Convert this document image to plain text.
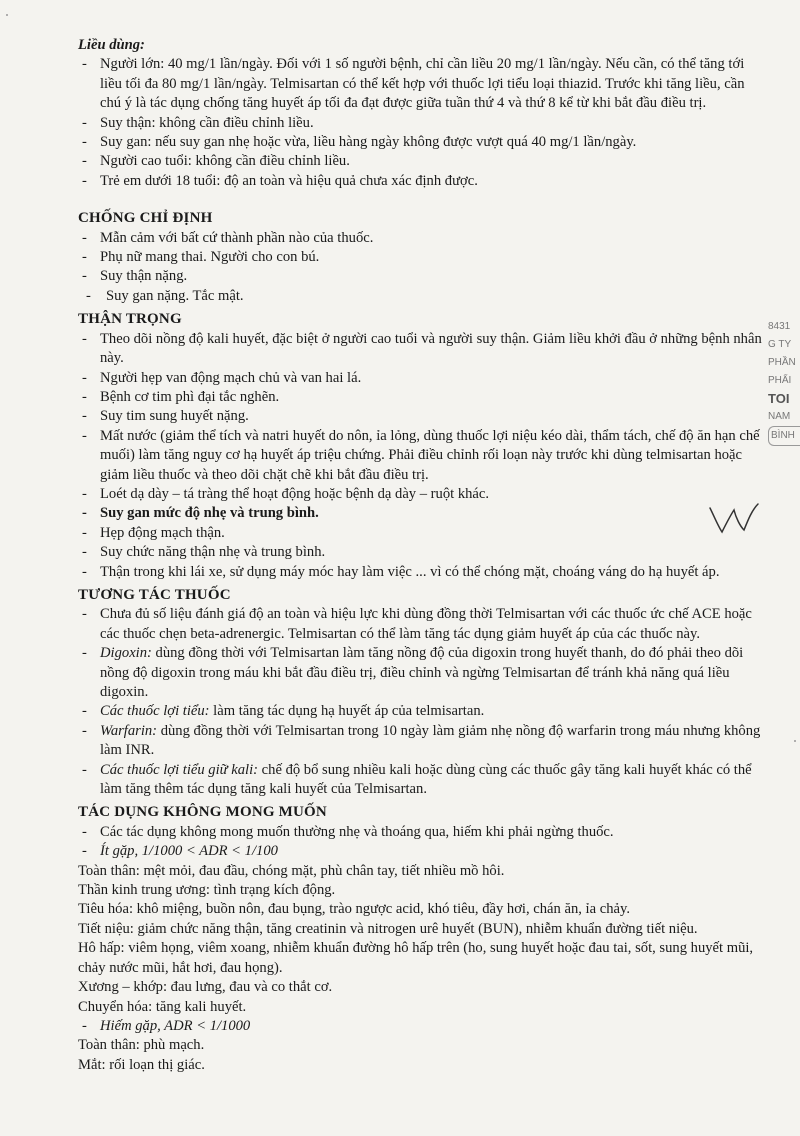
Liều dùng:
- Người lớn: 40 mg/1 lần/ngày. Đối với 1 số người bệnh, chỉ cần liều 20 mg/1 lần/ngày. Nếu cần, có thể tăng tới liều tối đa 80 mg/1 lần/ngày. Telmisartan có thể kết hợp với thuốc lợi tiểu loại thiazid. Trước khi tăng liều, cần chú ý là tác dụng chống tăng huyết áp tối đa đạt được giữa tuần thứ 4 và thứ 8 kể từ khi bắt đầu điều trị.
- Suy thận: không cần điều chỉnh liều.
- Suy gan: nếu suy gan nhẹ hoặc vừa, liều hàng ngày không được vượt quá 40 mg/1 lần/ngày.
- Người cao tuổi: không cần điều chỉnh liều.
- Trẻ em dưới 18 tuổi: độ an toàn và hiệu quả chưa xác định được.
CHỐNG CHỈ ĐỊNH
- Mẫn cảm với bất cứ thành phần nào của thuốc.
- Phụ nữ mang thai. Người cho con bú.
- Suy thận nặng.
- Suy gan nặng. Tắc mật.
THẬN TRỌNG
- Theo dõi nồng độ kali huyết, đặc biệt ở người cao tuổi và người suy thận. Giảm liều khởi đầu ở những bệnh nhân này.
- Người hẹp van động mạch chủ và van hai lá.
- Bệnh cơ tim phì đại tắc nghẽn.
- Suy tim sung huyết nặng.
- Mất nước (giảm thể tích và natri huyết do nôn, ỉa lỏng, dùng thuốc lợi niệu kéo dài, thẩm tách, chế độ ăn hạn chế muối) làm tăng nguy cơ hạ huyết áp triệu chứng. Phải điều chỉnh rối loạn này trước khi dùng telmisartan hoặc giảm liều thuốc và theo dõi chặt chẽ khi bắt đầu điều trị.
- Loét dạ dày – tá tràng thể hoạt động hoặc bệnh dạ dày – ruột khác.
- Suy gan mức độ nhẹ và trung bình.
- Hẹp động mạch thận.
- Suy chức năng thận nhẹ và trung bình.
- Thận trong khi lái xe, sử dụng máy móc hay làm việc ... vì có thể chóng mặt, choáng váng do hạ huyết áp.
TƯƠNG TÁC THUỐC
- Chưa đủ số liệu đánh giá độ an toàn và hiệu lực khi dùng đồng thời Telmisartan với các thuốc ức chế ACE hoặc các thuốc chẹn beta-adrenergic. Telmisartan có thể làm tăng tác dụng giảm huyết áp của các thuốc này.
- Digoxin: dùng đồng thời với Telmisartan làm tăng nồng độ của digoxin trong huyết thanh, do đó phải theo dõi nồng độ digoxin trong máu khi bắt đầu điều trị, điều chỉnh và ngừng Telmisartan để tránh khả năng quá liều digoxin.
- Các thuốc lợi tiểu: làm tăng tác dụng hạ huyết áp của telmisartan.
- Warfarin: dùng đồng thời với Telmisartan trong 10 ngày làm giảm nhẹ nồng độ warfarin trong máu nhưng không làm INR.
- Các thuốc lợi tiểu giữ kali: chế độ bổ sung nhiều kali hoặc dùng cùng các thuốc gây tăng kali huyết khác có thể làm tăng thêm tác dụng tăng kali huyết của Telmisartan.
TÁC DỤNG KHÔNG MONG MUỐN
- Các tác dụng không mong muốn thường nhẹ và thoáng qua, hiếm khi phải ngừng thuốc.
- Ít gặp, 1/1000 < ADR < 1/100
Toàn thân: mệt mỏi, đau đầu, chóng mặt, phù chân tay, tiết nhiều mồ hôi.
Thần kinh trung ương: tình trạng kích động.
Tiêu hóa: khô miệng, buồn nôn, đau bụng, trào ngược acid, khó tiêu, đầy hơi, chán ăn, ỉa chảy.
Tiết niệu: giảm chức năng thận, tăng creatinin và nitrogen urê huyết (BUN), nhiễm khuẩn đường tiết niệu.
Hô hấp: viêm họng, viêm xoang, nhiễm khuẩn đường hô hấp trên (ho, sung huyết hoặc đau tai, sốt, sung huyết mũi, chảy nước mũi, hắt hơi, đau họng).
Xương – khớp: đau lưng, đau và co thắt cơ.
Chuyển hóa: tăng kali huyết.
- Hiếm gặp, ADR < 1/1000
Toàn thân: phù mạch.
Mắt: rối loạn thị giác.
8431
G TY
PHẦN
PHẨI
TOI
NAM
BÌNH
